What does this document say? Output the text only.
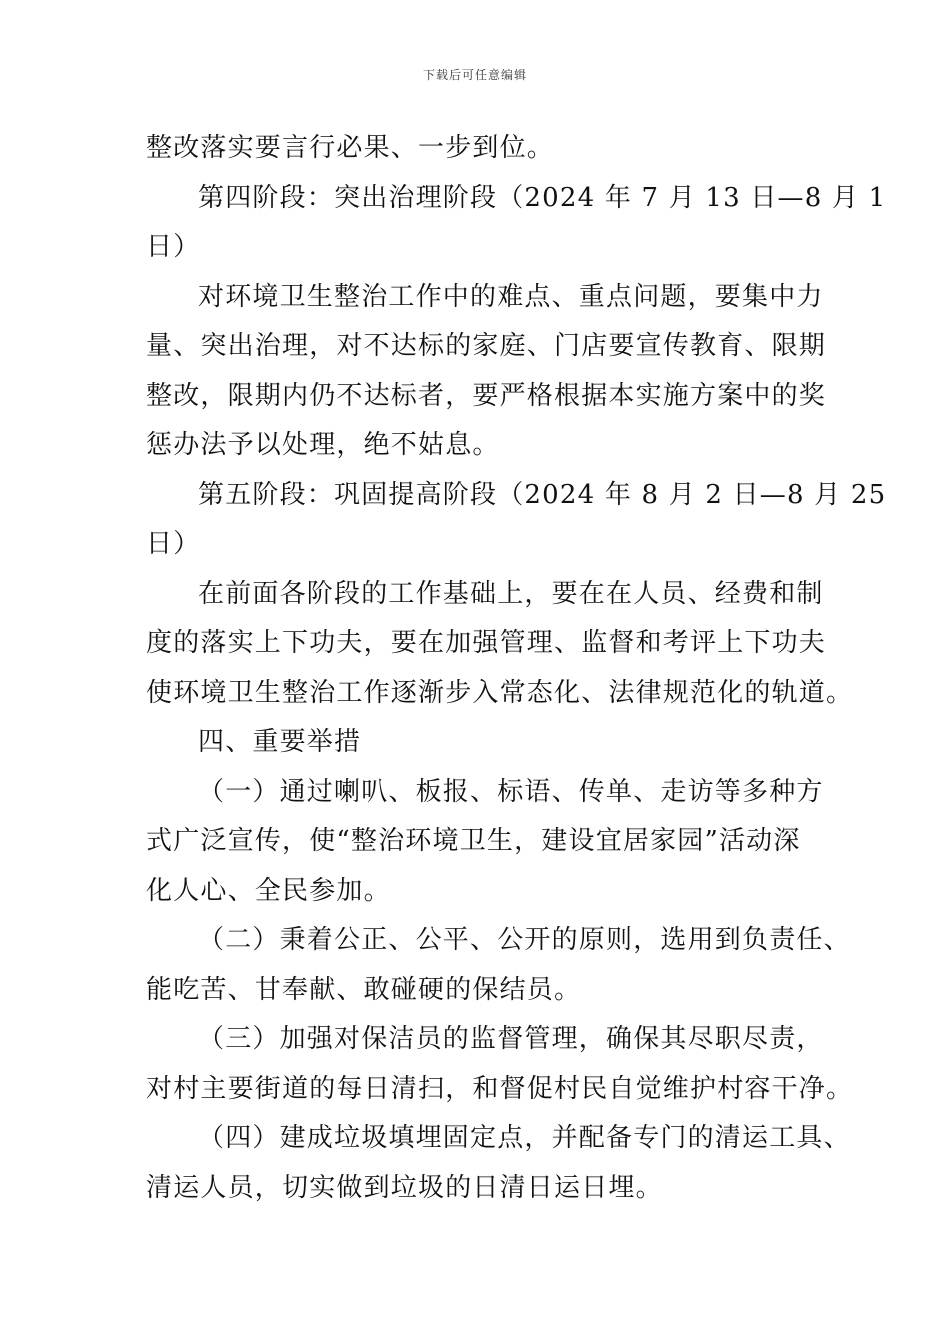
下载后可任意编辑
整改落实要言行必果、一步到位。
第四阶段：突出治理阶段（2024 年 7 月 13 日—8 月 1
日）
对环境卫生整治工作中的难点、重点问题，要集中力
量、突出治理，对不达标的家庭、门店要宣传教育、限期
整改，限期内仍不达标者，要严格根据本实施方案中的奖
惩办法予以处理，绝不姑息。
第五阶段：巩固提高阶段（2024 年 8 月 2 日—8 月 25
日）
在前面各阶段的工作基础上，要在在人员、经费和制
度的落实上下功夫，要在加强管理、监督和考评上下功夫
使环境卫生整治工作逐渐步入常态化、法律规范化的轨道。
四、重要举措
（一）通过喇叭、板报、标语、传单、走访等多种方
式广泛宣传，使“整治环境卫生，建设宜居家园”活动深
化人心、全民参加。
（二）秉着公正、公平、公开的原则，选用到负责任、
能吃苦、甘奉献、敢碰硬的保结员。
（三）加强对保洁员的监督管理，确保其尽职尽责，
对村主要街道的每日清扫，和督促村民自觉维护村容干净。
（四）建成垃圾填埋固定点，并配备专门的清运工具、
清运人员，切实做到垃圾的日清日运日埋。
